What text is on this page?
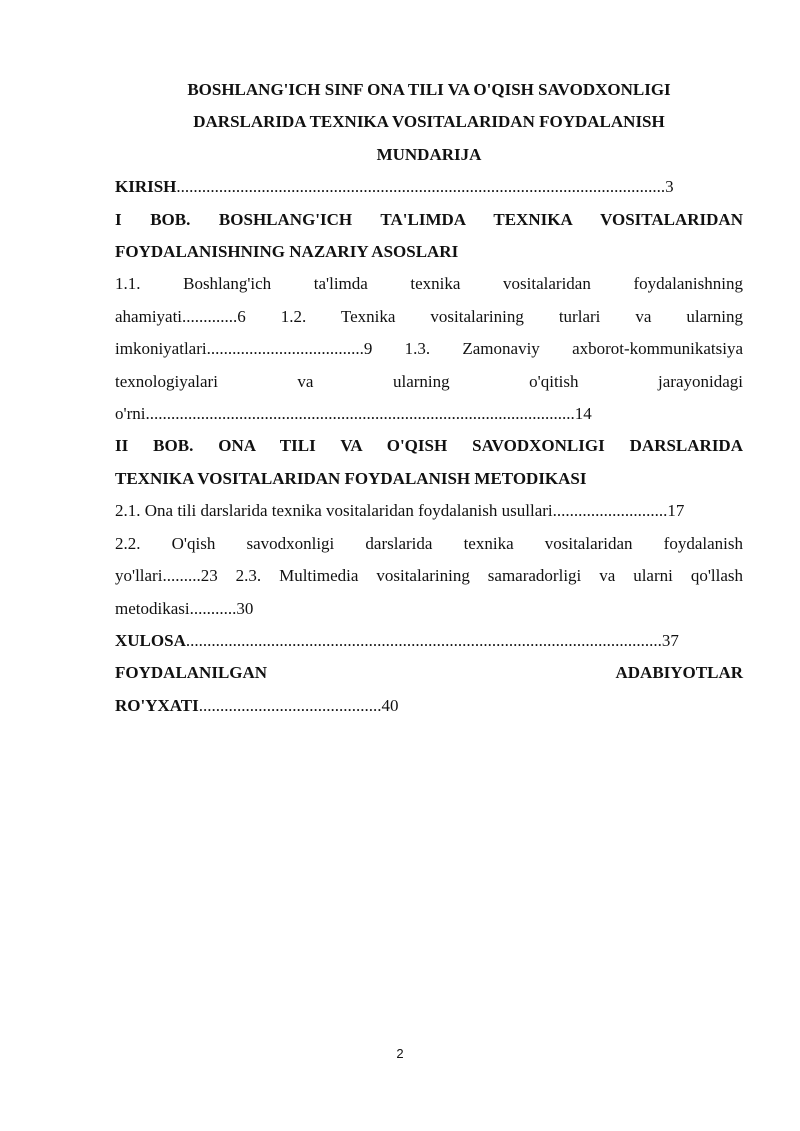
BOSHLANG'ICH SINF ONA TILI VA O'QISH SAVODXONLIGI
DARSLARIDA TEXNIKA VOSITALARIDAN FOYDALANISH
MUNDARIJA
KIRISH...................................................................................................................3
I BOB. BOSHLANG'ICH TA'LIMDA TEXNIKA VOSITALARIDAN
FOYDALANISHNING NAZARIY ASOSLARI
1.1. Boshlang'ich ta'limda texnika vositalaridan foydalanishning
ahamiyati.............6 1.2. Texnika vositalarining turlari va ularning
imkoniyatlari.....................................9 1.3. Zamonaviy axborot-kommunikatsiya
texnologiyalari va ularning o'qitish jarayonidagi
o'rni.....................................................................................................14
II BOB. ONA TILI VA O'QISH SAVODXONLIGI DARSLARIDA
TEXNIKA VOSITALARIDAN FOYDALANISH METODIKASI
2.1. Ona tili darslarida texnika vositalaridan foydalanish usullari...........................17
2.2. O'qish savodxonligi darslarida texnika vositalaridan foydalanish
yo'llari.........23 2.3. Multimedia vositalarining samaradorligi va ularni qo'llash
metodikasi...........30
XULOSA................................................................................................................37
FOYDALANILGAN ADABIYOTLAR
RO'YXATI...........................................40
2
